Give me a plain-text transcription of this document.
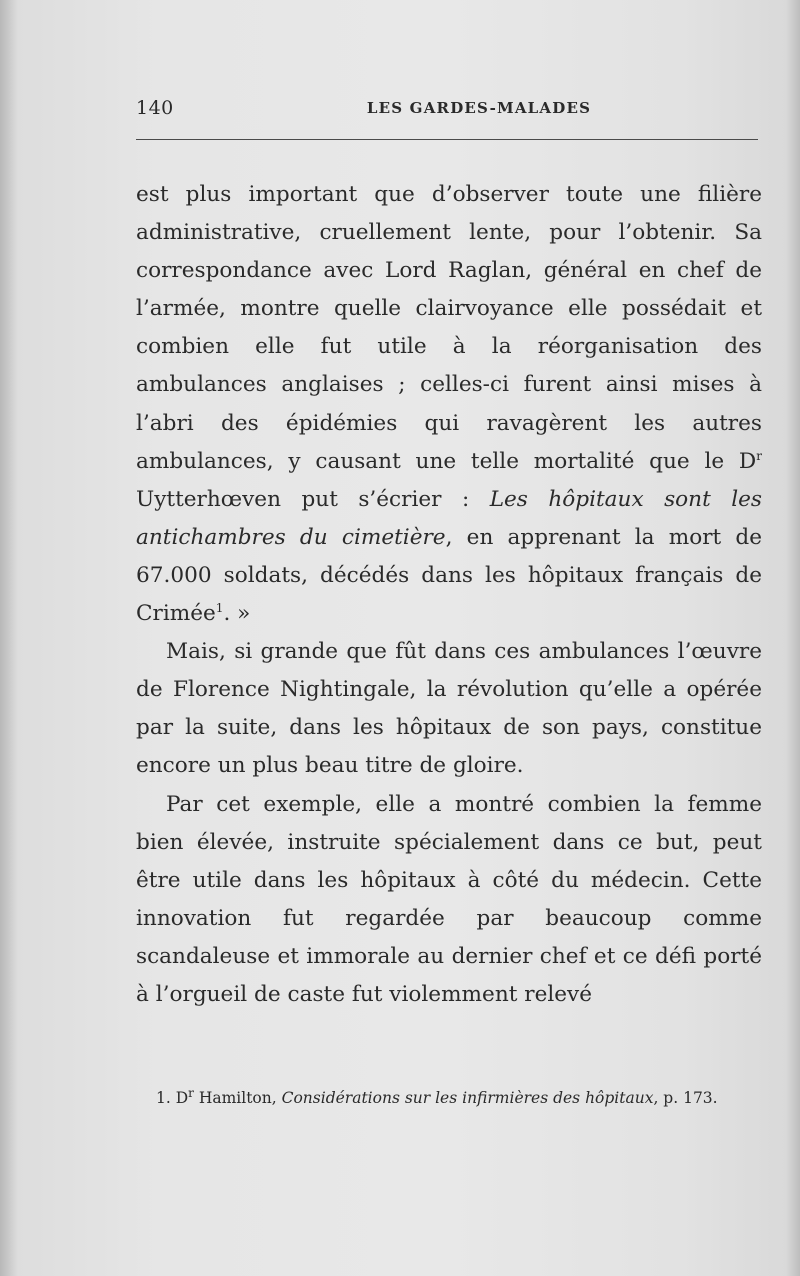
140	LES GARDES-MALADES

est plus important que d’observer toute une filière administrative, cruellement lente, pour l’obtenir. Sa correspondance avec Lord Raglan, général en chef de l’armée, montre quelle clairvoyance elle possédait et combien elle fut utile à la réorganisation des ambulances anglaises ; celles-ci furent ainsi mises à l’abri des épidémies qui ravagèrent les autres ambulances, y causant une telle mortalité que le $D^r$ Uytterhœven put s’écrier : Les hôpitaux sont les antichambres du cimetière, en apprenant la mort de 67.000 soldats, décédés dans les hôpitaux français de Crimée$^1$. »

Mais, si grande que fût dans ces ambulances l’œuvre de Florence Nightingale, la révolution qu’elle a opérée par la suite, dans les hôpitaux de son pays, constitue encore un plus beau titre de gloire.

Par cet exemple, elle a montré combien la femme bien élevée, instruite spécialement dans ce but, peut être utile dans les hôpitaux à côté du médecin. Cette innovation fut regardée par beaucoup comme scandaleuse et immorale au dernier chef et ce défi porté à l’orgueil de caste fut violemment relevé

1. $D^r$ Hamilton, Considérations sur les infirmières des hôpitaux, p. 173.
